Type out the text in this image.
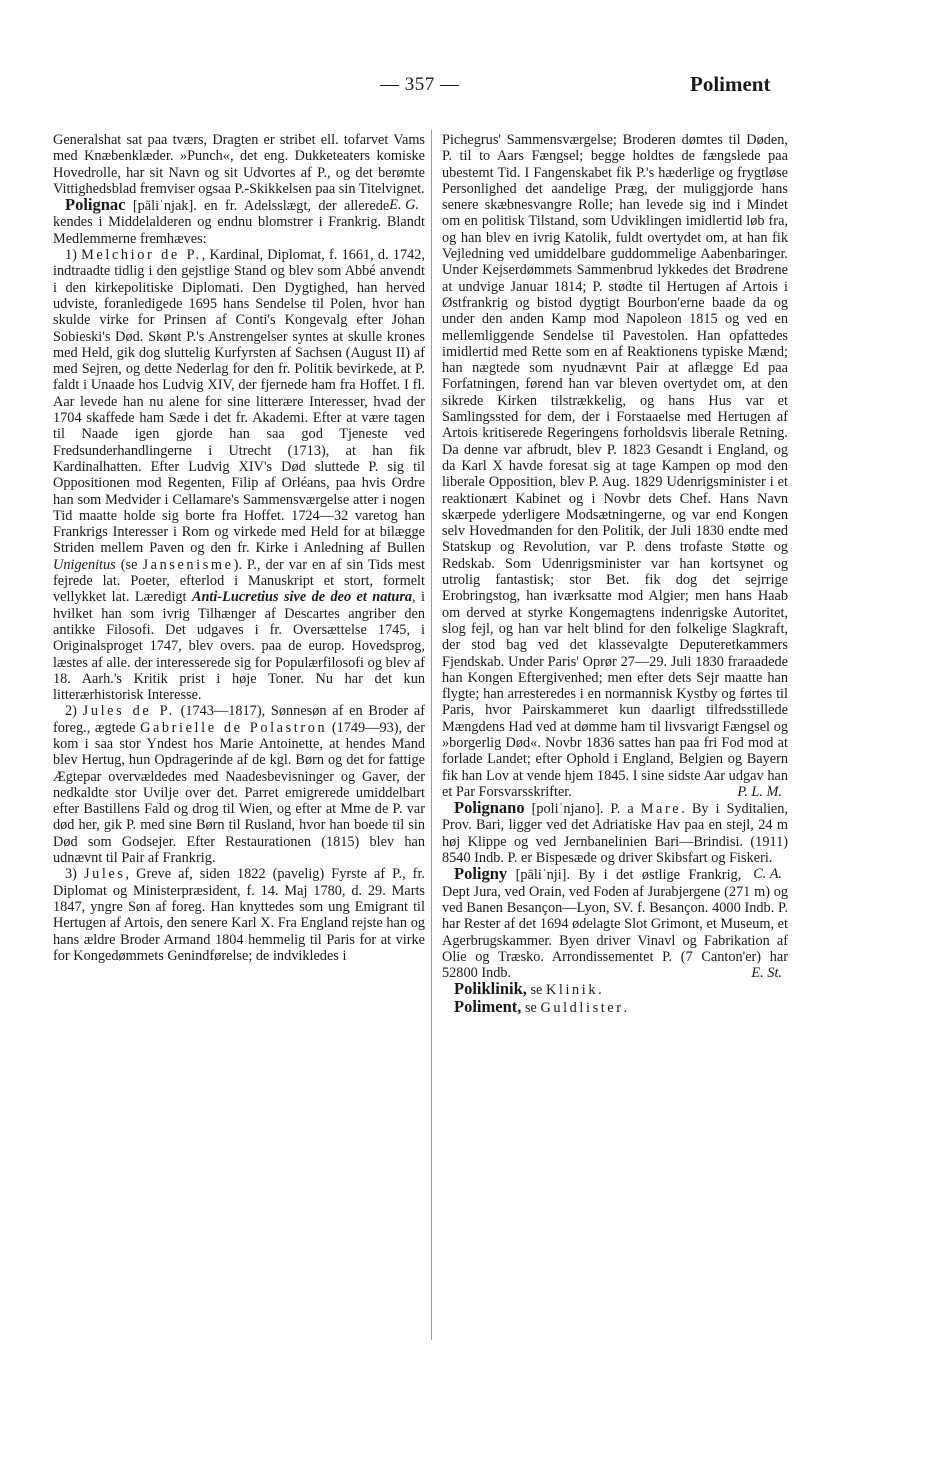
— 357 —	Poliment

Generalshat sat paa tværs, Dragten er stribet ell. tofarvet Vams med Knæbenklæder. »Punch«, det eng. Dukketeaters komiske Hovedrolle, har sit Navn og sit Udvortes af P., og det berømte Vittighedsblad fremviser ogsaa P.-Skikkelsen paa sin Titelvignet.
E. G.

Polignac [pāliˈnjak]. en fr. Adelsslægt, der allerede kendes i Middelalderen og endnu blomstrer i Frankrig. Blandt Medlemmerne fremhæves:

1) Melchior de P., Kardinal, Diplomat, f. 1661, d. 1742, indtraadte tidlig i den gejstlige Stand og blev som Abbé anvendt i den kirkepolitiske Diplomati. Den Dygtighed, han herved udviste, foranledigede 1695 hans Sendelse til Polen, hvor han skulde virke for Prinsen af Conti's Kongevalg efter Johan Sobieski's Død. Skønt P.'s Anstrengelser syntes at skulle krones med Held, gik dog sluttelig Kurfyrsten af Sachsen (August II) af med Sejren, og dette Nederlag for den fr. Politik bevirkede, at P. faldt i Unaade hos Ludvig XIV, der fjernede ham fra Hoffet. I fl. Aar levede han nu alene for sine litterære Interesser, hvad der 1704 skaffede ham Sæde i det fr. Akademi. Efter at være tagen til Naade igen gjorde han saa god Tjeneste ved Fredsunderhandlingerne i Utrecht (1713), at han fik Kardinalhatten. Efter Ludvig XIV's Død sluttede P. sig til Oppositionen mod Regenten, Filip af Orléans, paa hvis Ordre han som Medvider i Cellamare's Sammensværgelse atter i nogen Tid maatte holde sig borte fra Hoffet. 1724—32 varetog han Frankrigs Interesser i Rom og virkede med Held for at bilægge Striden mellem Paven og den fr. Kirke i Anledning af Bullen Unigenitus (se Jansenisme). P., der var en af sin Tids mest fejrede lat. Poeter, efterlod i Manuskript et stort, formelt vellykket lat. Læredigt Anti-Lucretius sive de deo et natura, i hvilket han som ivrig Tilhænger af Descartes angriber den antikke Filosofi. Det udgaves i fr. Oversættelse 1745, i Originalsproget 1747, blev overs. paa de europ. Hovedsprog, læstes af alle. der interesserede sig for Populærfilosofi og blev af 18. Aarh.'s Kritik prist i høje Toner. Nu har det kun litterærhistorisk Interesse.

2) Jules de P. (1743—1817), Sønnesøn af en Broder af foreg., ægtede Gabrielle de Polastron (1749—93), der kom i saa stor Yndest hos Marie Antoinette, at hendes Mand blev Hertug, hun Opdragerinde af de kgl. Børn og det for fattige Ægtepar overvældedes med Naadesbevisninger og Gaver, der nedkaldte stor Uvilje over det. Parret emigrerede umiddelbart efter Bastillens Fald og drog til Wien, og efter at Mme de P. var død her, gik P. med sine Børn til Rusland, hvor han boede til sin Død som Godsejer. Efter Restaurationen (1815) blev han udnævnt til Pair af Frankrig.

3) Jules, Greve af, siden 1822 (pavelig) Fyrste af P., fr. Diplomat og Ministerpræsident, f. 14. Maj 1780, d. 29. Marts 1847, yngre Søn af foreg. Han knyttedes som ung Emigrant til Hertugen af Artois, den senere Karl X. Fra England rejste han og hans ældre Broder Armand 1804 hemmelig til Paris for at virke for Kongedømmets Genindførelse; de indvikledes i

Pichegrus' Sammensværgelse; Broderen dømtes til Døden, P. til to Aars Fængsel; begge holdtes de fængslede paa ubestemt Tid. I Fangenskabet fik P.'s hæderlige og frygtløse Personlighed det aandelige Præg, der muliggjorde hans senere skæbnesvangre Rolle; han levede sig ind i Mindet om en politisk Tilstand, som Udviklingen imidlertid løb fra, og han blev en ivrig Katolik, fuldt overtydet om, at han fik Vejledning ved umiddelbare guddommelige Aabenbaringer. Under Kejserdømmets Sammenbrud lykkedes det Brødrene at undvige Januar 1814; P. stødte til Hertugen af Artois i Østfrankrig og bistod dygtigt Bourbon'erne baade da og under den anden Kamp mod Napoleon 1815 og ved en mellemliggende Sendelse til Pavestolen. Han opfattedes imidlertid med Rette som en af Reaktionens typiske Mænd; han nægtede som nyudnævnt Pair at aflægge Ed paa Forfatningen, førend han var bleven overtydet om, at den sikrede Kirken tilstrækkelig, og hans Hus var et Samlingssted for dem, der i Forstaaelse med Hertugen af Artois kritiserede Regeringens forholdsvis liberale Retning. Da denne var afbrudt, blev P. 1823 Gesandt i England, og da Karl X havde foresat sig at tage Kampen op mod den liberale Opposition, blev P. Aug. 1829 Udenrigsminister i et reaktionært Kabinet og i Novbr dets Chef. Hans Navn skærpede yderligere Modsætningerne, og var end Kongen selv Hovedmanden for den Politik, der Juli 1830 endte med Statskup og Revolution, var P. dens trofaste Støtte og Redskab. Som Udenrigsminister var han kortsynet og utrolig fantastisk; stor Bet. fik dog det sejrrige Erobringstog, han iværksatte mod Algier; men hans Haab om derved at styrke Kongemagtens indenrigske Autoritet, slog fejl, og han var helt blind for den folkelige Slagkraft, der stod bag ved det klassevalgte Deputeretkammers Fjendskab. Under Paris' Oprør 27—29. Juli 1830 fraraadede han Kongen Eftergivenhed; men efter dets Sejr maatte han flygte; han arresteredes i en normannisk Kystby og førtes til Paris, hvor Pairskammeret kun daarligt tilfredsstillede Mængdens Had ved at dømme ham til livsvarigt Fængsel og »borgerlig Død«. Novbr 1836 sattes han paa fri Fod mod at forlade Landet; efter Ophold i England, Belgien og Bayern fik han Lov at vende hjem 1845. I sine sidste Aar udgav han et Par Forsvarsskrifter.	P. L. M.

Polignano [poliˈnjano]. P. a Mare. By i Syditalien, Prov. Bari, ligger ved det Adriatiske Hav paa en stejl, 24 m høj Klippe og ved Jernbanelinien Bari—Brindisi. (1911) 8540 Indb. P. er Bispesæde og driver Skibsfart og Fiskeri.
C. A.

Poligny [pāliˈnji]. By i det østlige Frankrig, Dept Jura, ved Orain, ved Foden af Jurabjergene (271 m) og ved Banen Besançon—Lyon, SV. f. Besançon. 4000 Indb. P. har Rester af det 1694 ødelagte Slot Grimont, et Museum, et Agerbrugskammer. Byen driver Vinavl og Fabrikation af Olie og Træsko. Arrondissementet P. (7 Canton'er) har 52800 Indb.	E. St.

Poliklinik, se Klinik.

Poliment, se Guldlister.
